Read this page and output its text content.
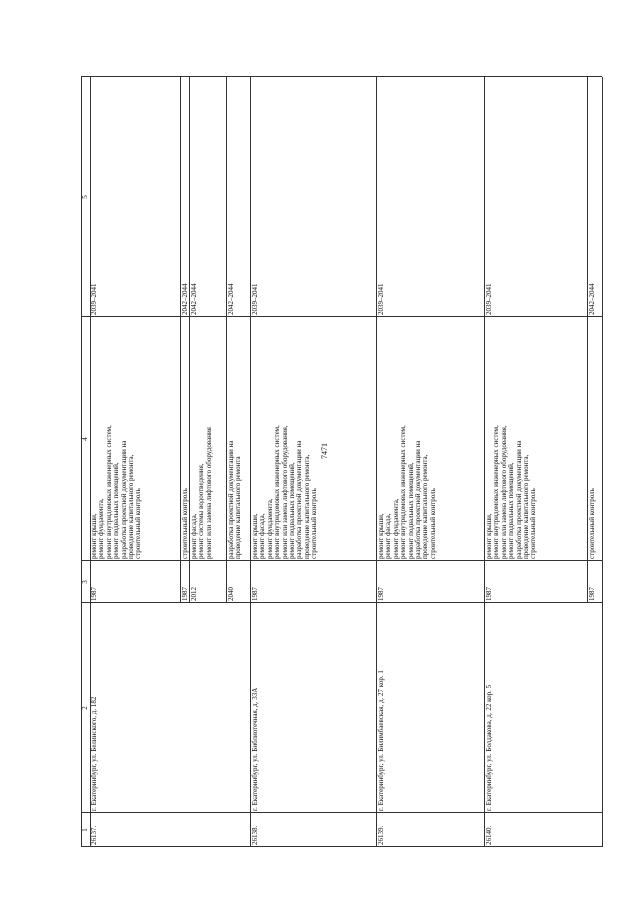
7471
1
2
3
4
5
26137.
г. Екатеринбург, ул. Белинского, д. 182
1987
ремонт крыши,
ремонт фундамента,
ремонт внутридомовых инженерных систем,
ремонт подвальных помещений,
разработка проектной документации на
проведение капитального ремонта,
строительный контроль
2039–2041
1987
строительный контроль
2042–2044
2012
ремонт фасада,
ремонт системы водоотведения,
ремонт или замена лифтового оборудования
2042–2044
2040
разработка проектной документации на
проведение капитального ремонта
2042–2044
26138.
г. Екатеринбург, ул. Библиотечная, д. 33А
1987
ремонт крыши,
ремонт фасада,
ремонт фундамента,
ремонт внутридомовых инженерных систем,
ремонт или замена лифтового оборудования,
ремонт подвальных помещений,
разработка проектной документации на
проведение капитального ремонта,
строительный контроль
2039–2041
26139.
г. Екатеринбург, ул. Билимбаевская, д. 27 кор. 1
1987
ремонт крыши,
ремонт фасада,
ремонт фундамента,
ремонт внутридомовых инженерных систем,
ремонт подвальных помещений,
разработка проектной документации на
проведение капитального ремонта,
строительный контроль
2039–2041
26140.
г. Екатеринбург, ул. Болдакова, д. 22 кор. 5
1987
ремонт крыши,
ремонт внутридомовых инженерных систем,
ремонт или замена лифтового оборудования,
ремонт подвальных помещений,
разработка проектной документации на
проведение капитального ремонта,
строительный контроль
2039–2041
1987
строительный контроль
2042–2044
